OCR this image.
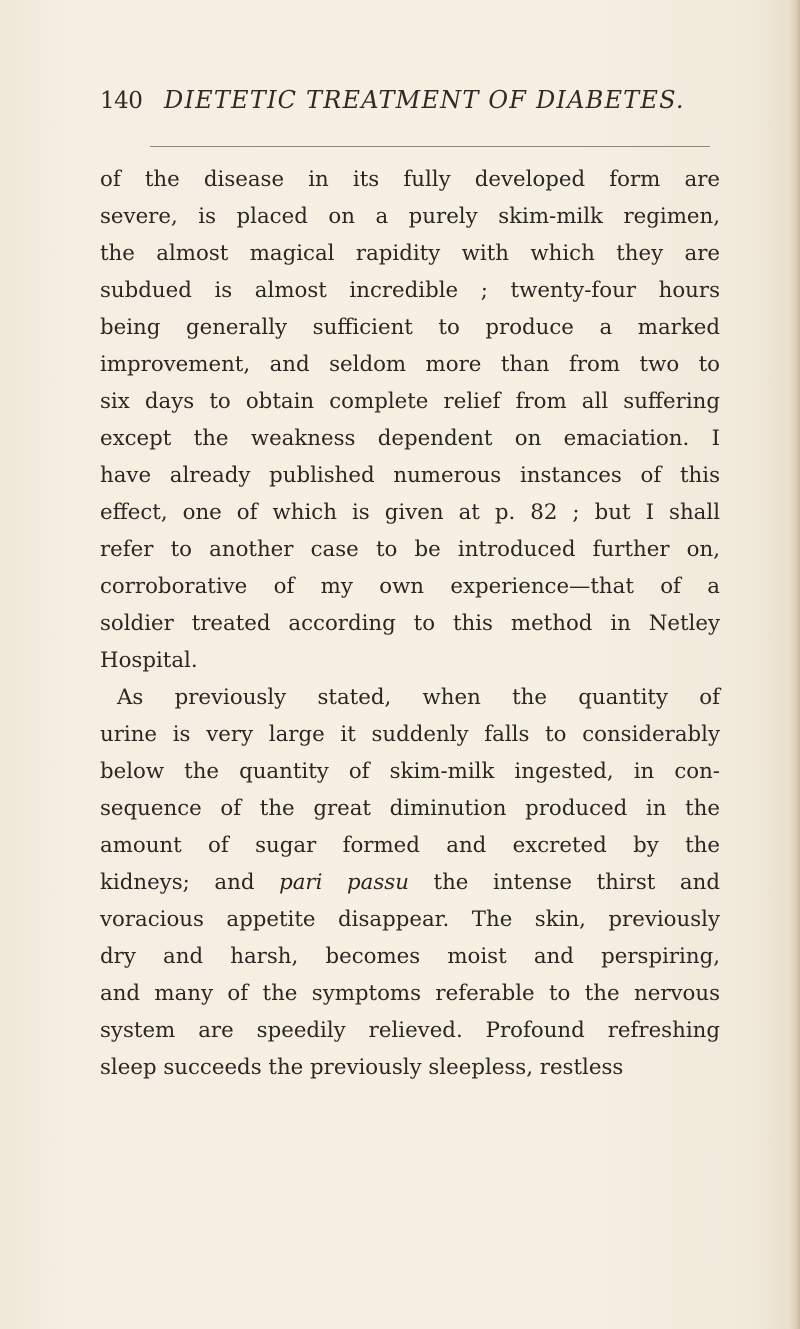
140 DIETETIC TREATMENT OF DIABETES.
of the disease in its fully developed form are
severe, is placed on a purely skim-milk regimen,
the almost magical rapidity with which they are
subdued is almost incredible ; twenty-four hours
being generally sufficient to produce a marked
improvement, and seldom more than from two to
six days to obtain complete relief from all suffering
except the weakness dependent on emaciation. I
have already published numerous instances of this
effect, one of which is given at p. 82 ; but I shall
refer to another case to be introduced further on,
corroborative of my own experience—that of a
soldier treated according to this method in Netley
Hospital.
As previously stated, when the quantity of
urine is very large it suddenly falls to considerably
below the quantity of skim-milk ingested, in con-
sequence of the great diminution produced in the
amount of sugar formed and excreted by the
kidneys; and pari passu the intense thirst and
voracious appetite disappear. The skin, previously
dry and harsh, becomes moist and perspiring,
and many of the symptoms referable to the nervous
system are speedily relieved. Profound refreshing
sleep succeeds the previously sleepless, restless
